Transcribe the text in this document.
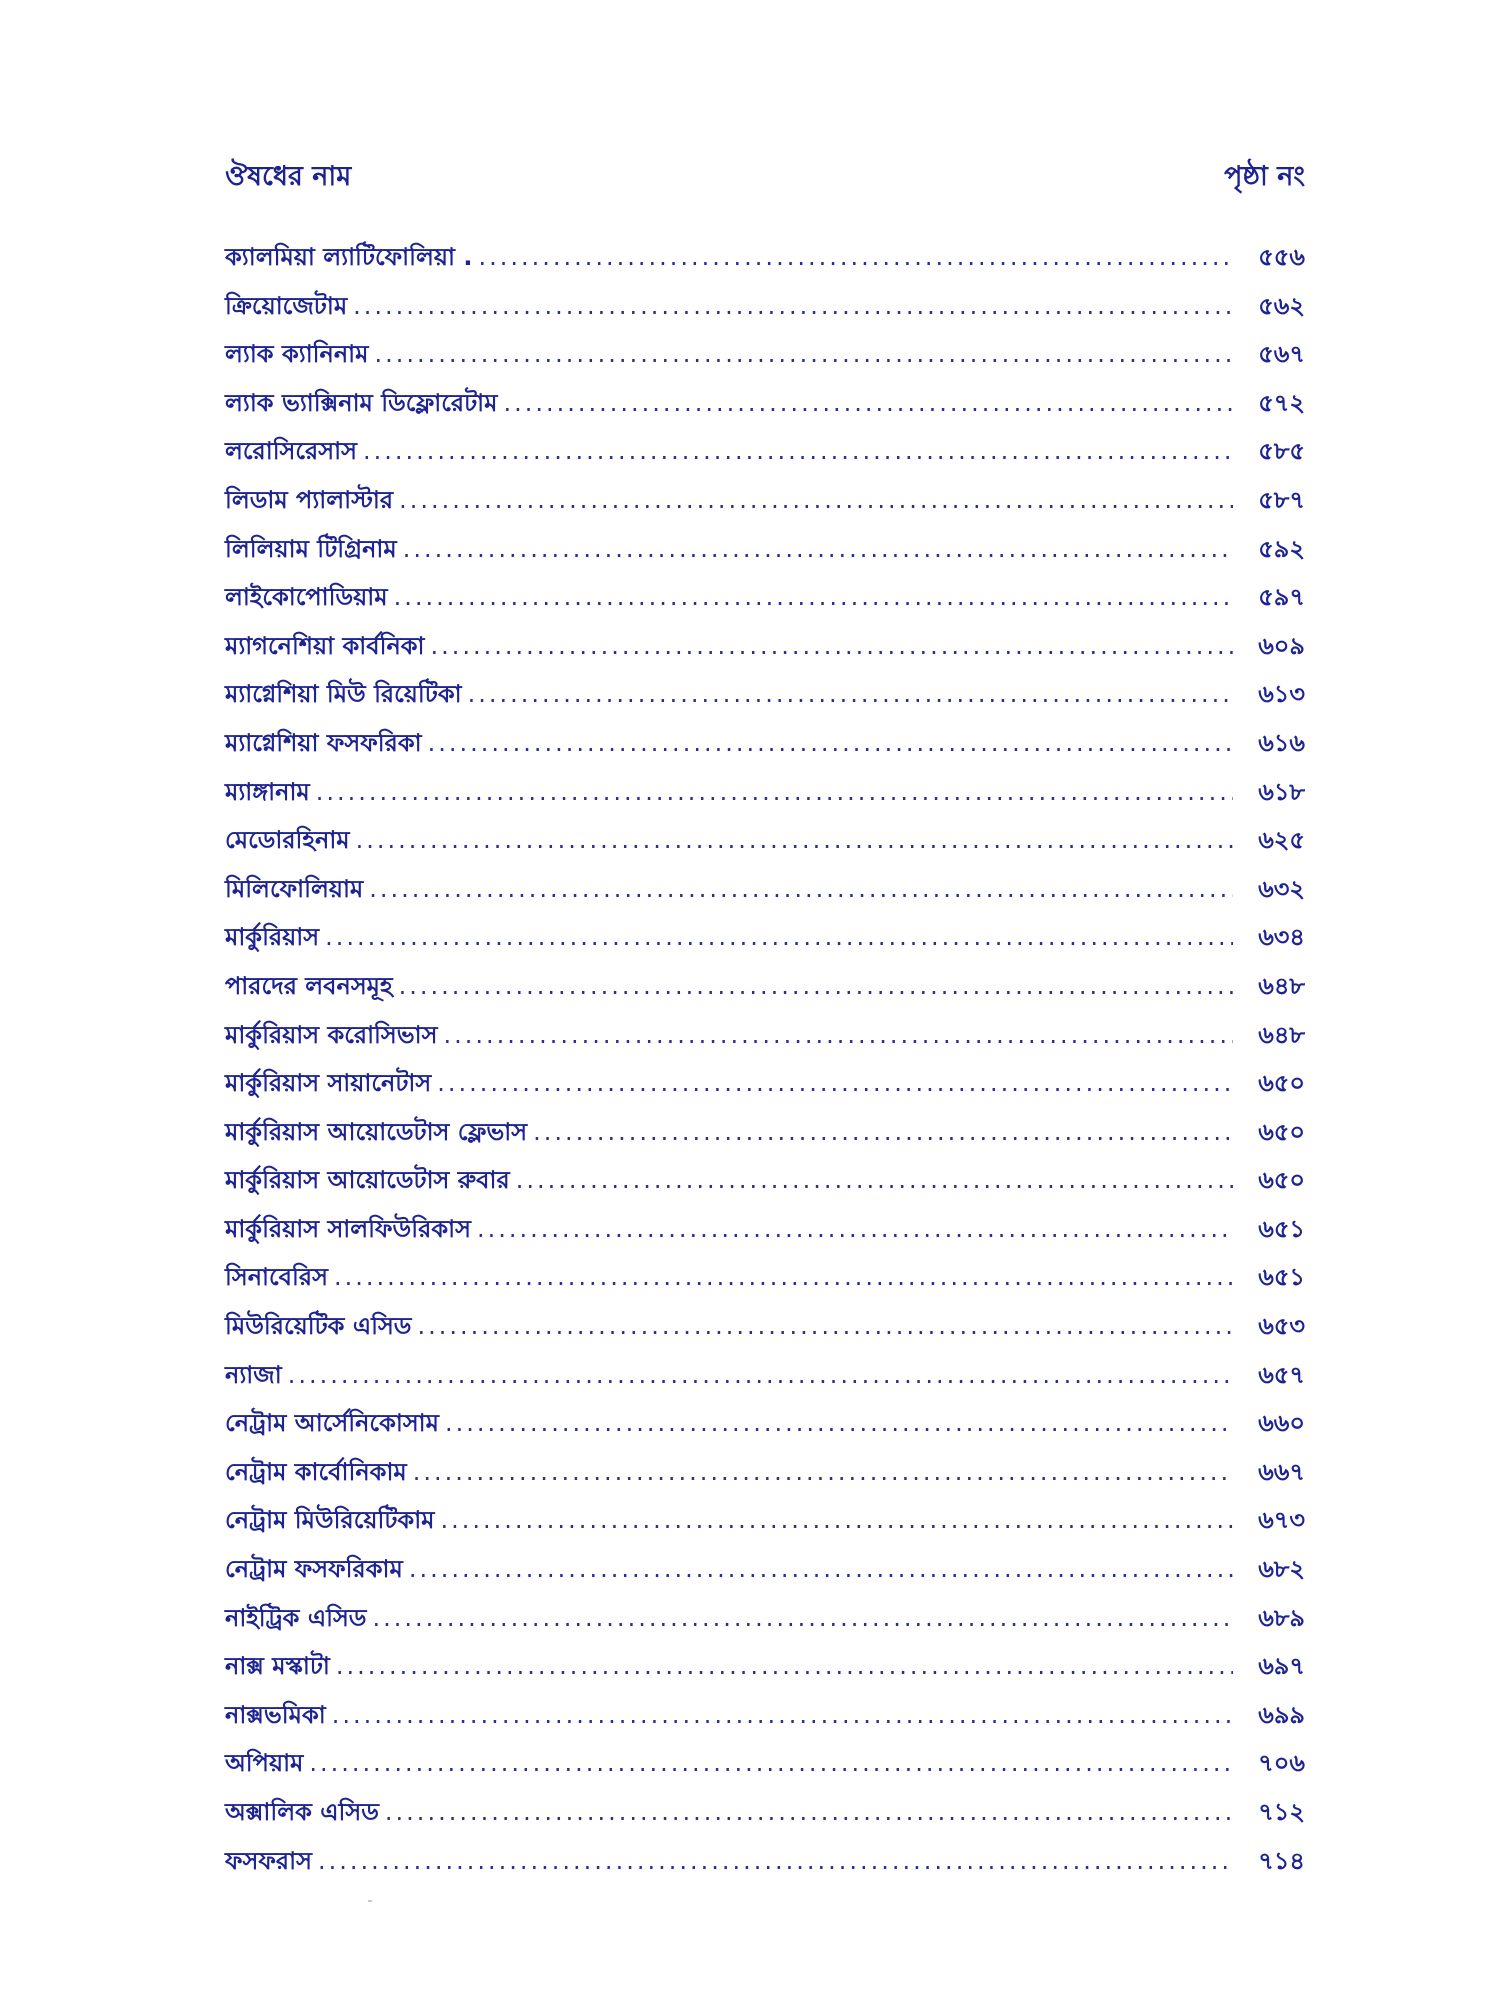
ঔষধের নাম	পৃষ্ঠা নং
ক্যালমিয়া ল্যাটিফোলিয়া . .....	৫৫৬
ক্রিয়োজেটাম .....	৫৬২
ল্যাক ক্যানিনাম .....	৫৬৭
ল্যাক ভ্যাক্সিনাম ডিফ্লোরেটাম .....	৫৭২
লরোসিরেসাস .....	৫৮৫
লিডাম প্যালাস্টার .....	৫৮৭
লিলিয়াম টিগ্রিনাম .....	৫৯২
লাইকোপোডিয়াম .....	৫৯৭
ম্যাগনেশিয়া কার্বনিকা .....	৬০৯
ম্যাগ্নেশিয়া মিউ রিয়েটিকা .....	৬১৩
ম্যাগ্নেশিয়া ফসফরিকা .....	৬১৬
ম্যাঙ্গানাম .....	৬১৮
মেডোরহিনাম .....	৬২৫
মিলিফোলিয়াম .....	৬৩২
মার্কুরিয়াস .....	৬৩৪
পারদের লবনসমূহ .....	৬৪৮
মার্কুরিয়াস করোসিভাস .....	৬৪৮
মার্কুরিয়াস সায়ানেটাস .....	৬৫০
মার্কুরিয়াস আয়োডেটাস ফ্লেভাস .....	৬৫০
মার্কুরিয়াস আয়োডেটাস রুবার .....	৬৫০
মার্কুরিয়াস সালফিউরিকাস .....	৬৫১
সিনাবেরিস .....	৬৫১
মিউরিয়েটিক এসিড .....	৬৫৩
ন্যাজা .....	৬৫৭
নেট্রাম আর্সেনিকোসাম .....	৬৬০
নেট্রাম কার্বোনিকাম .....	৬৬৭
নেট্রাম মিউরিয়েটিকাম .....	৬৭৩
নেট্রাম ফসফরিকাম .....	৬৮২
নাইট্রিক এসিড .....	৬৮৯
নাক্স মস্কাটা .....	৬৯৭
নাক্সভমিকা .....	৬৯৯
অপিয়াম .....	৭০৬
অক্সালিক এসিড .....	৭১২
ফসফরাস .....	৭১৪
